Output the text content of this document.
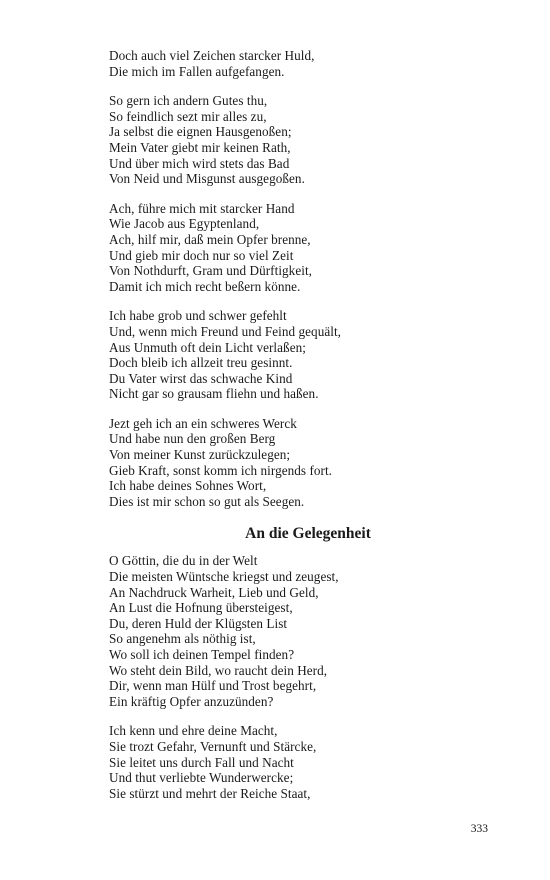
Doch auch viel Zeichen starcker Huld,
Die mich im Fallen aufgefangen.
So gern ich andern Gutes thu,
So feindlich sezt mir alles zu,
Ja selbst die eignen Hausgenoßen;
Mein Vater giebt mir keinen Rath,
Und über mich wird stets das Bad
Von Neid und Misgunst ausgegoßen.
Ach, führe mich mit starcker Hand
Wie Jacob aus Egyptenland,
Ach, hilf mir, daß mein Opfer brenne,
Und gieb mir doch nur so viel Zeit
Von Nothdurft, Gram und Dürftigkeit,
Damit ich mich recht beßern könne.
Ich habe grob und schwer gefehlt
Und, wenn mich Freund und Feind gequält,
Aus Unmuth oft dein Licht verlaßen;
Doch bleib ich allzeit treu gesinnt.
Du Vater wirst das schwache Kind
Nicht gar so grausam fliehn und haßen.
Jezt geh ich an ein schweres Werck
Und habe nun den großen Berg
Von meiner Kunst zurückzulegen;
Gieb Kraft, sonst komm ich nirgends fort.
Ich habe deines Sohnes Wort,
Dies ist mir schon so gut als Seegen.
An die Gelegenheit
O Göttin, die du in der Welt
Die meisten Wüntsche kriegst und zeugest,
An Nachdruck Warheit, Lieb und Geld,
An Lust die Hofnung übersteigest,
Du, deren Huld der Klügsten List
So angenehm als nöthig ist,
Wo soll ich deinen Tempel finden?
Wo steht dein Bild, wo raucht dein Herd,
Dir, wenn man Hülf und Trost begehrt,
Ein kräftig Opfer anzuzünden?
Ich kenn und ehre deine Macht,
Sie trozt Gefahr, Vernunft und Stärcke,
Sie leitet uns durch Fall und Nacht
Und thut verliebte Wunderwercke;
Sie stürzt und mehrt der Reiche Staat,
333
